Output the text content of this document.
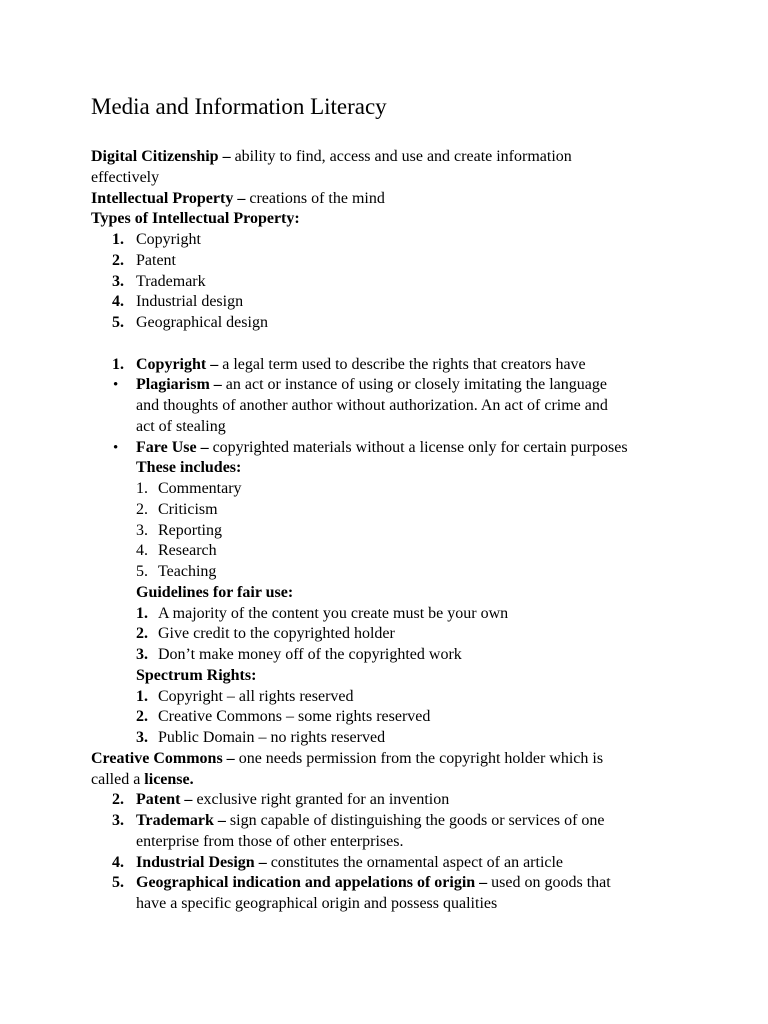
Media and Information Literacy
Digital Citizenship – ability to find, access and use and create information
effectively
Intellectual Property – creations of the mind
Types of Intellectual Property:
1. Copyright
2. Patent
3. Trademark
4. Industrial design
5. Geographical design
1. Copyright – a legal term used to describe the rights that creators have
• Plagiarism – an act or instance of using or closely imitating the language
and thoughts of another author without authorization. An act of crime and
act of stealing
• Fare Use – copyrighted materials without a license only for certain purposes
These includes:
1. Commentary
2. Criticism
3. Reporting
4. Research
5. Teaching
Guidelines for fair use:
1. A majority of the content you create must be your own
2. Give credit to the copyrighted holder
3. Don’t make money off of the copyrighted work
Spectrum Rights:
1. Copyright – all rights reserved
2. Creative Commons – some rights reserved
3. Public Domain – no rights reserved
Creative Commons – one needs permission from the copyright holder which is
called a license.
2. Patent – exclusive right granted for an invention
3. Trademark – sign capable of distinguishing the goods or services of one
enterprise from those of other enterprises.
4. Industrial Design – constitutes the ornamental aspect of an article
5. Geographical indication and appelations of origin – used on goods that
have a specific geographical origin and possess qualities
